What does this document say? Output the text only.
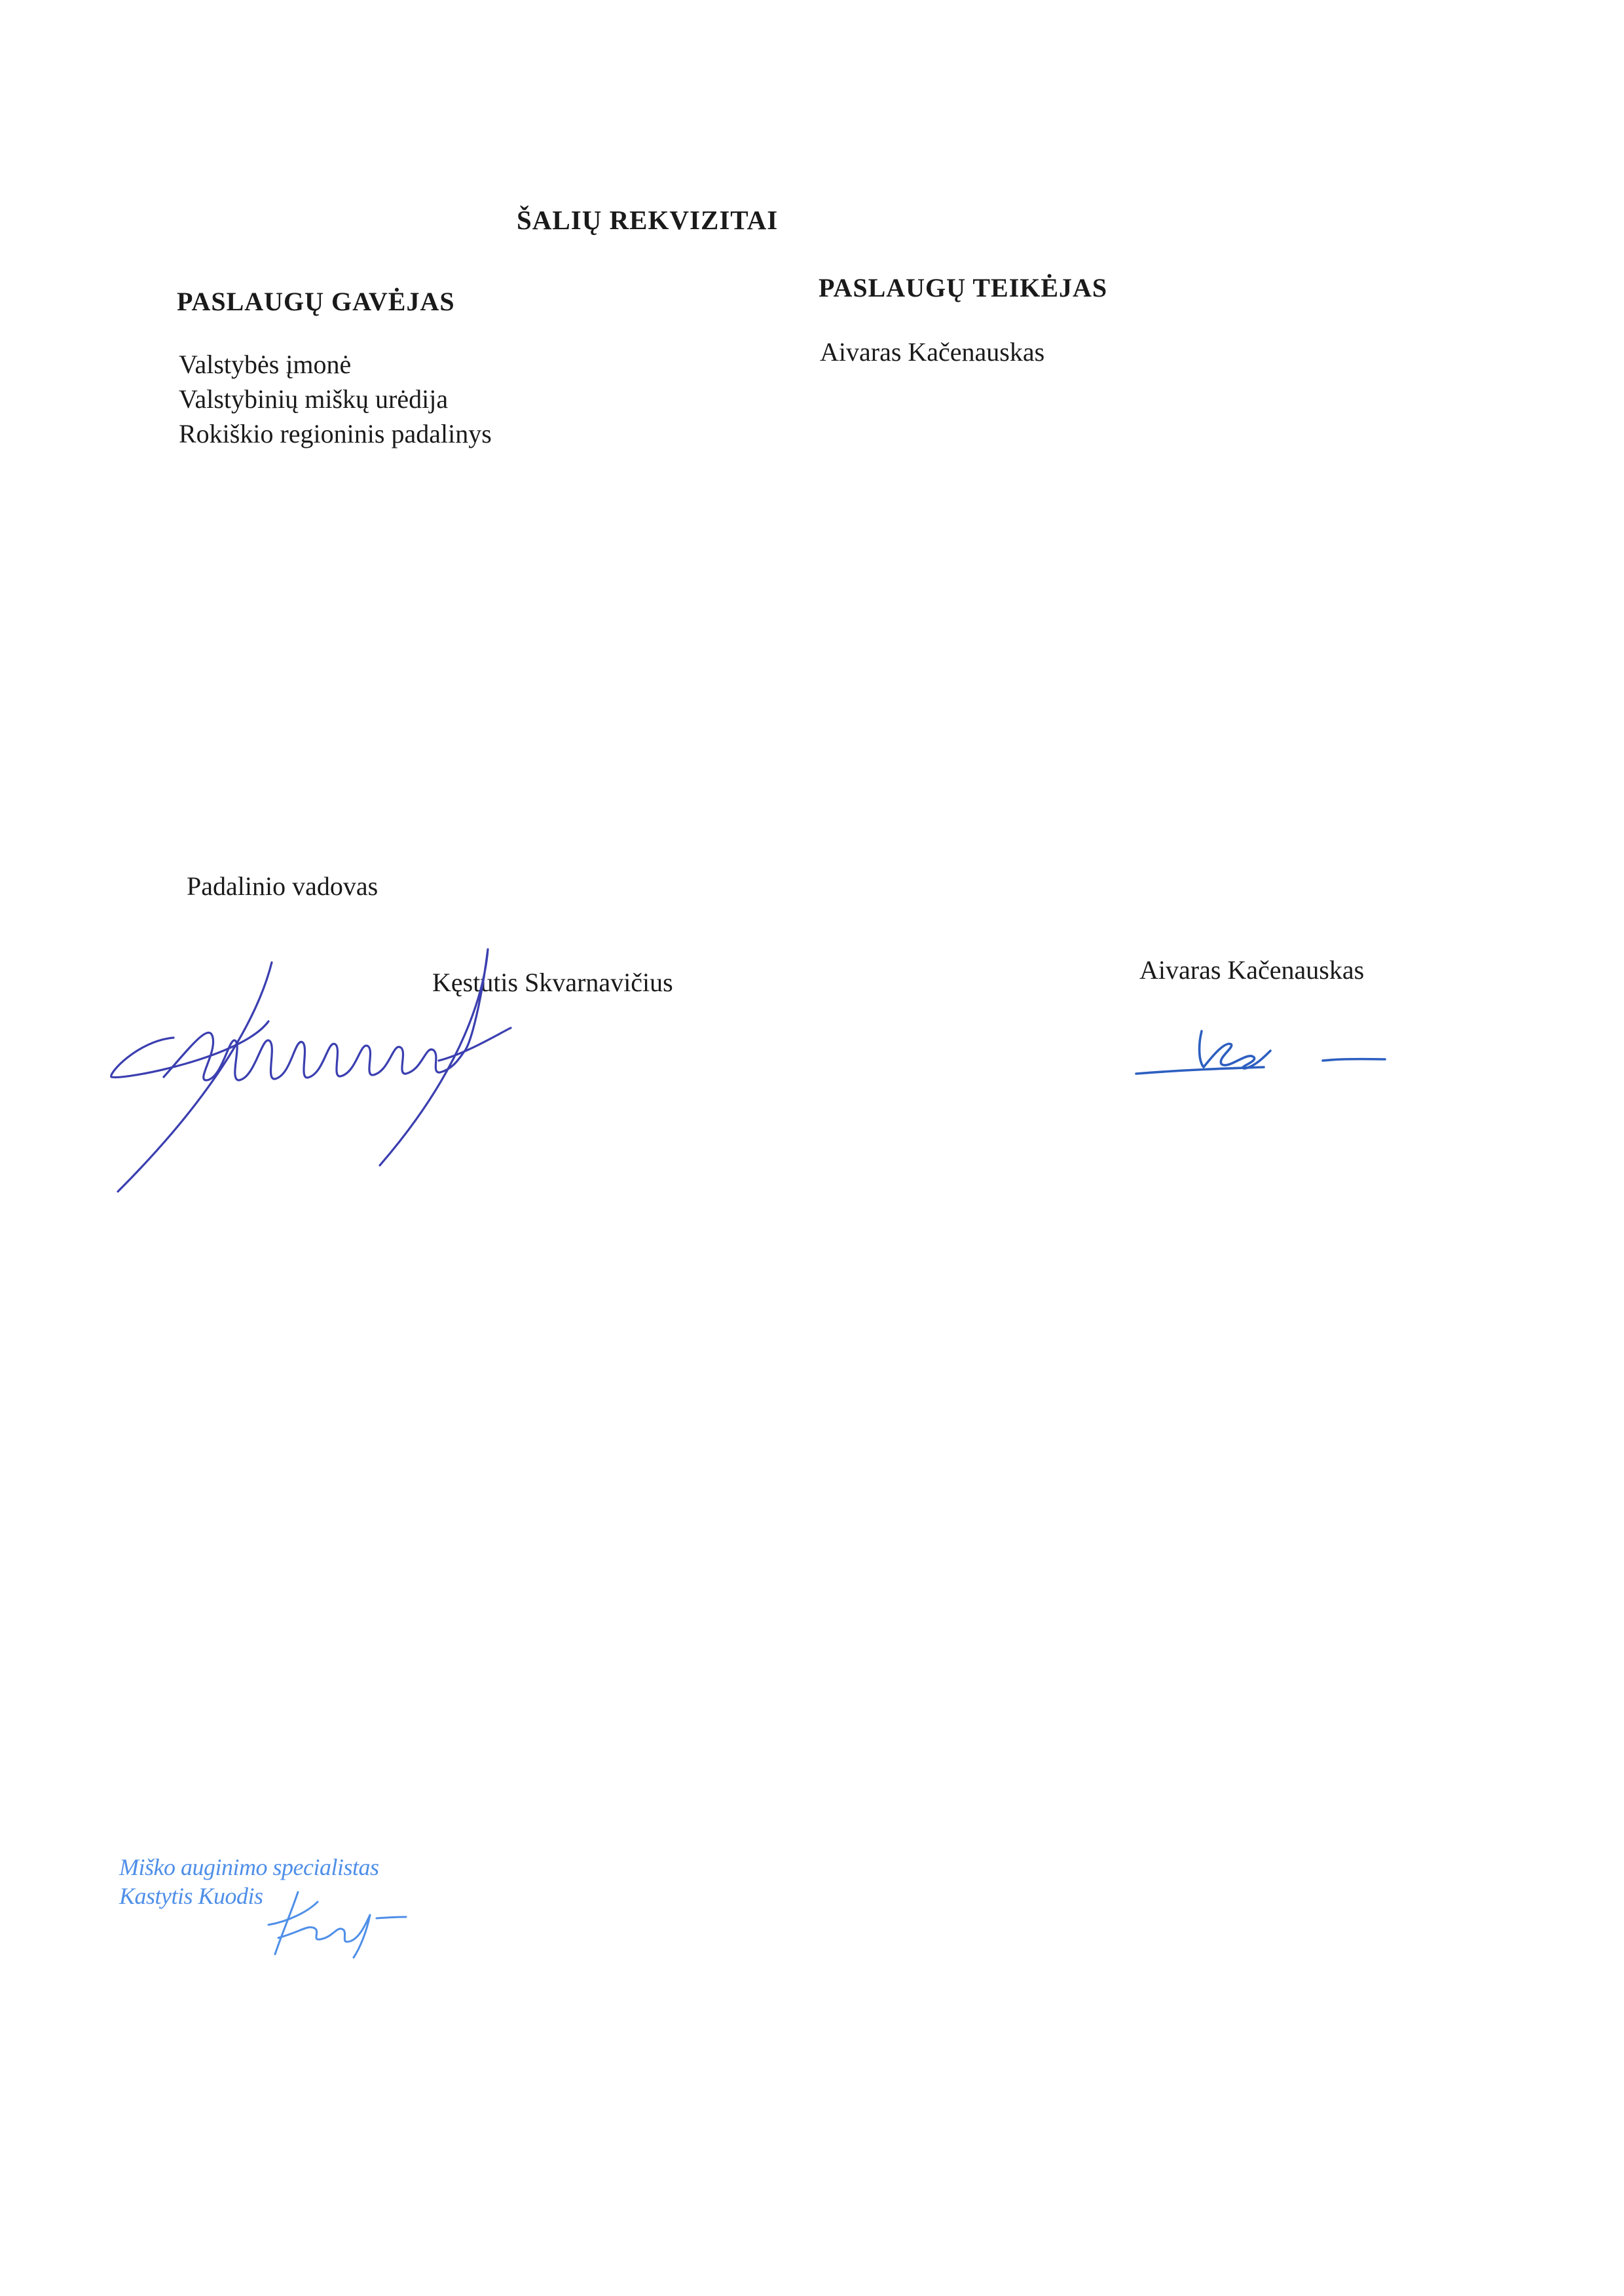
ŠALIŲ REKVIZITAI
PASLAUGŲ GAVĖJAS	PASLAUGŲ TEIKĖJAS
Valstybės įmonė
Valstybinių miškų urėdija
Rokiškio regioninis padalinys

Aivaras Kačenauskas
Padalinio vadovas
Kęstutis Skvarnavičius	Aivaras Kačenauskas
Miško auginimo specialistas
Kastytis Kuodis
